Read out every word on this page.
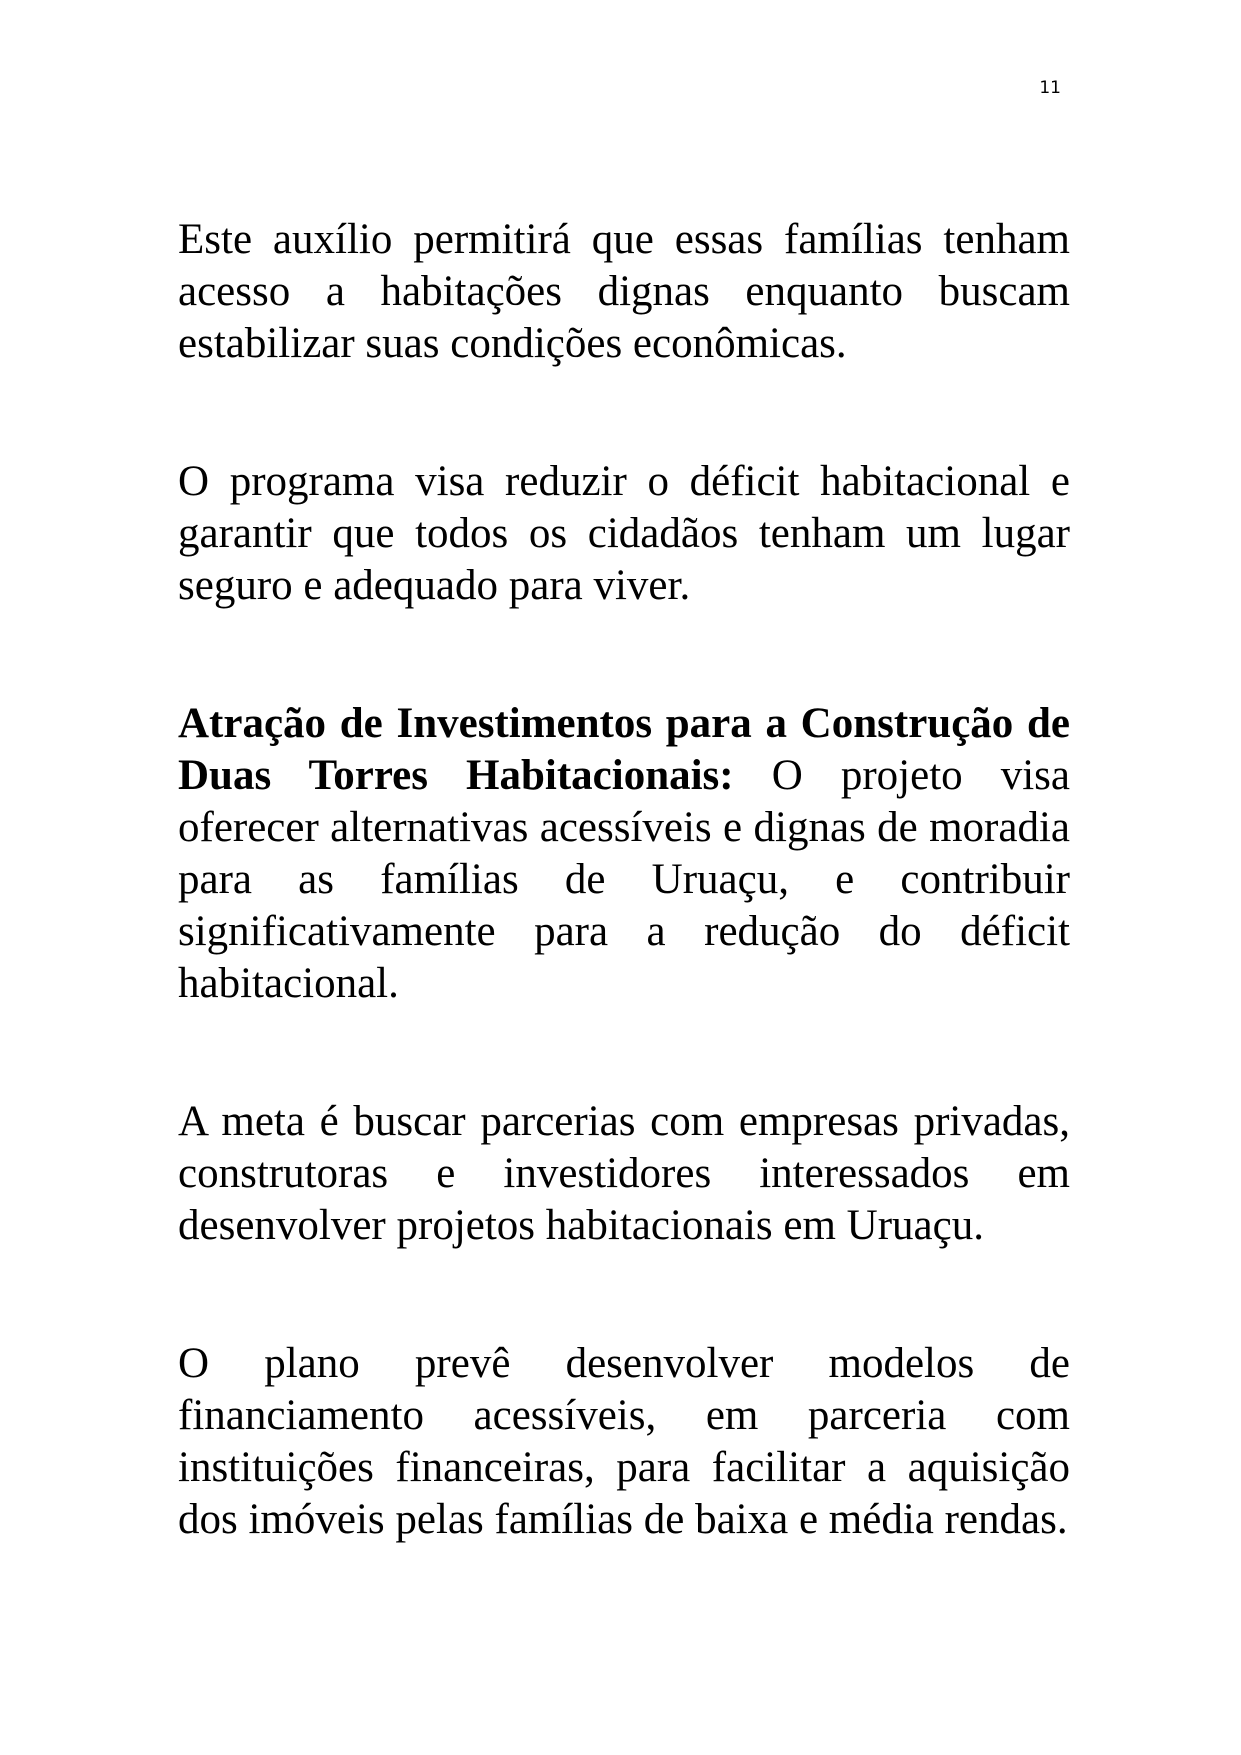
11

Este auxílio permitirá que essas famílias tenham acesso a habitações dignas enquanto buscam estabilizar suas condições econômicas.

O programa visa reduzir o déficit habitacional e garantir que todos os cidadãos tenham um lugar seguro e adequado para viver.

Atração de Investimentos para a Construção de Duas Torres Habitacionais: O projeto visa oferecer alternativas acessíveis e dignas de moradia para as famílias de Uruaçu, e contribuir significativamente para a redução do déficit habitacional.

A meta é buscar parcerias com empresas privadas, construtoras e investidores interessados em desenvolver projetos habitacionais em Uruaçu.

O plano prevê desenvolver modelos de financiamento acessíveis, em parceria com instituições financeiras, para facilitar a aquisição dos imóveis pelas famílias de baixa e média rendas.
